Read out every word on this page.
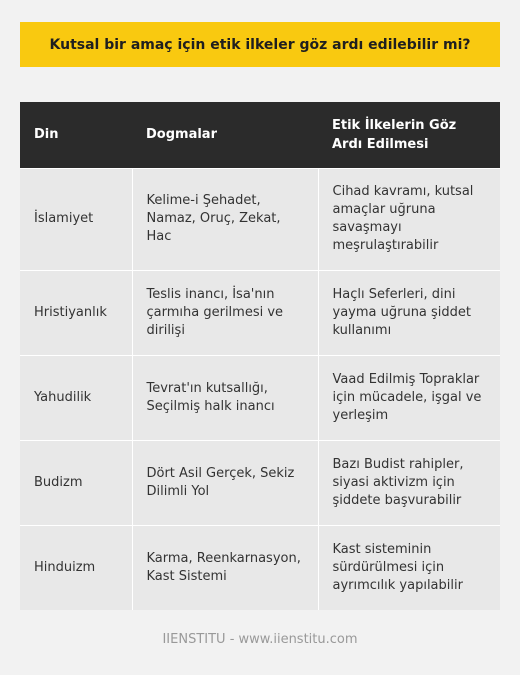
Kutsal bir amaç için etik ilkeler göz ardı edilebilir mi?
Din	Dogmalar	Etik İlkelerin Göz Ardı Edilmesi
İslamiyet	Kelime-i Şehadet, Namaz, Oruç, Zekat, Hac	Cihad kavramı, kutsal amaçlar uğruna savaşmayı meşrulaştırabilir
Hristiyanlık	Teslis inancı, İsa'nın çarmıha gerilmesi ve dirilişi	Haçlı Seferleri, dini yayma uğruna şiddet kullanımı
Yahudilik	Tevrat'ın kutsallığı, Seçilmiş halk inancı	Vaad Edilmiş Topraklar için mücadele, işgal ve yerleşim
Budizm	Dört Asil Gerçek, Sekiz Dilimli Yol	Bazı Budist rahipler, siyasi aktivizm için şiddete başvurabilir
Hinduizm	Karma, Reenkarnasyon, Kast Sistemi	Kast sisteminin sürdürülmesi için ayrımcılık yapılabilir
IIENSTITU - www.iienstitu.com
